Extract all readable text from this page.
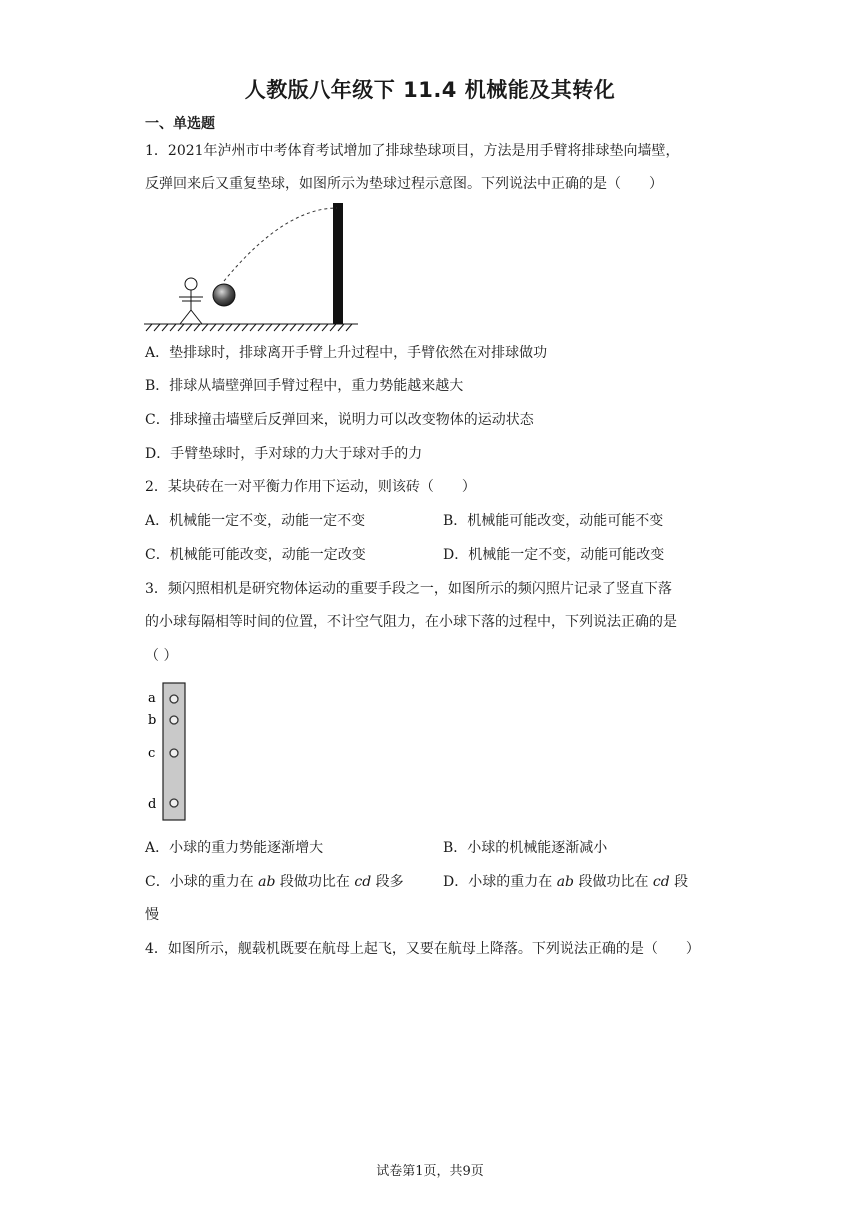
人教版八年级下 11.4 机械能及其转化
一、单选题
1．2021年泸州市中考体育考试增加了排球垫球项目，方法是用手臂将排球垫向墙壁，
反弹回来后又重复垫球，如图所示为垫球过程示意图。下列说法中正确的是（　　）
A．垫排球时，排球离开手臂上升过程中，手臂依然在对排球做功
B．排球从墙壁弹回手臂过程中，重力势能越来越大
C．排球撞击墙壁后反弹回来，说明力可以改变物体的运动状态
D．手臂垫球时，手对球的力大于球对手的力
2．某块砖在一对平衡力作用下运动，则该砖（　　）
A．机械能一定不变，动能一定不变	B．机械能可能改变，动能可能不变
C．机械能可能改变，动能一定改变	D．机械能一定不变，动能可能改变
3．频闪照相机是研究物体运动的重要手段之一，如图所示的频闪照片记录了竖直下落
的小球每隔相等时间的位置，不计空气阻力，在小球下落的过程中，下列说法正确的是
（ ）
a
b
c
d
A．小球的重力势能逐渐增大	B．小球的机械能逐渐减小
C．小球的重力在 ab 段做功比在 cd 段多	D．小球的重力在 ab 段做功比在 cd 段
慢
4．如图所示，舰载机既要在航母上起飞，又要在航母上降落。下列说法正确的是（　　）
试卷第1页，共9页
